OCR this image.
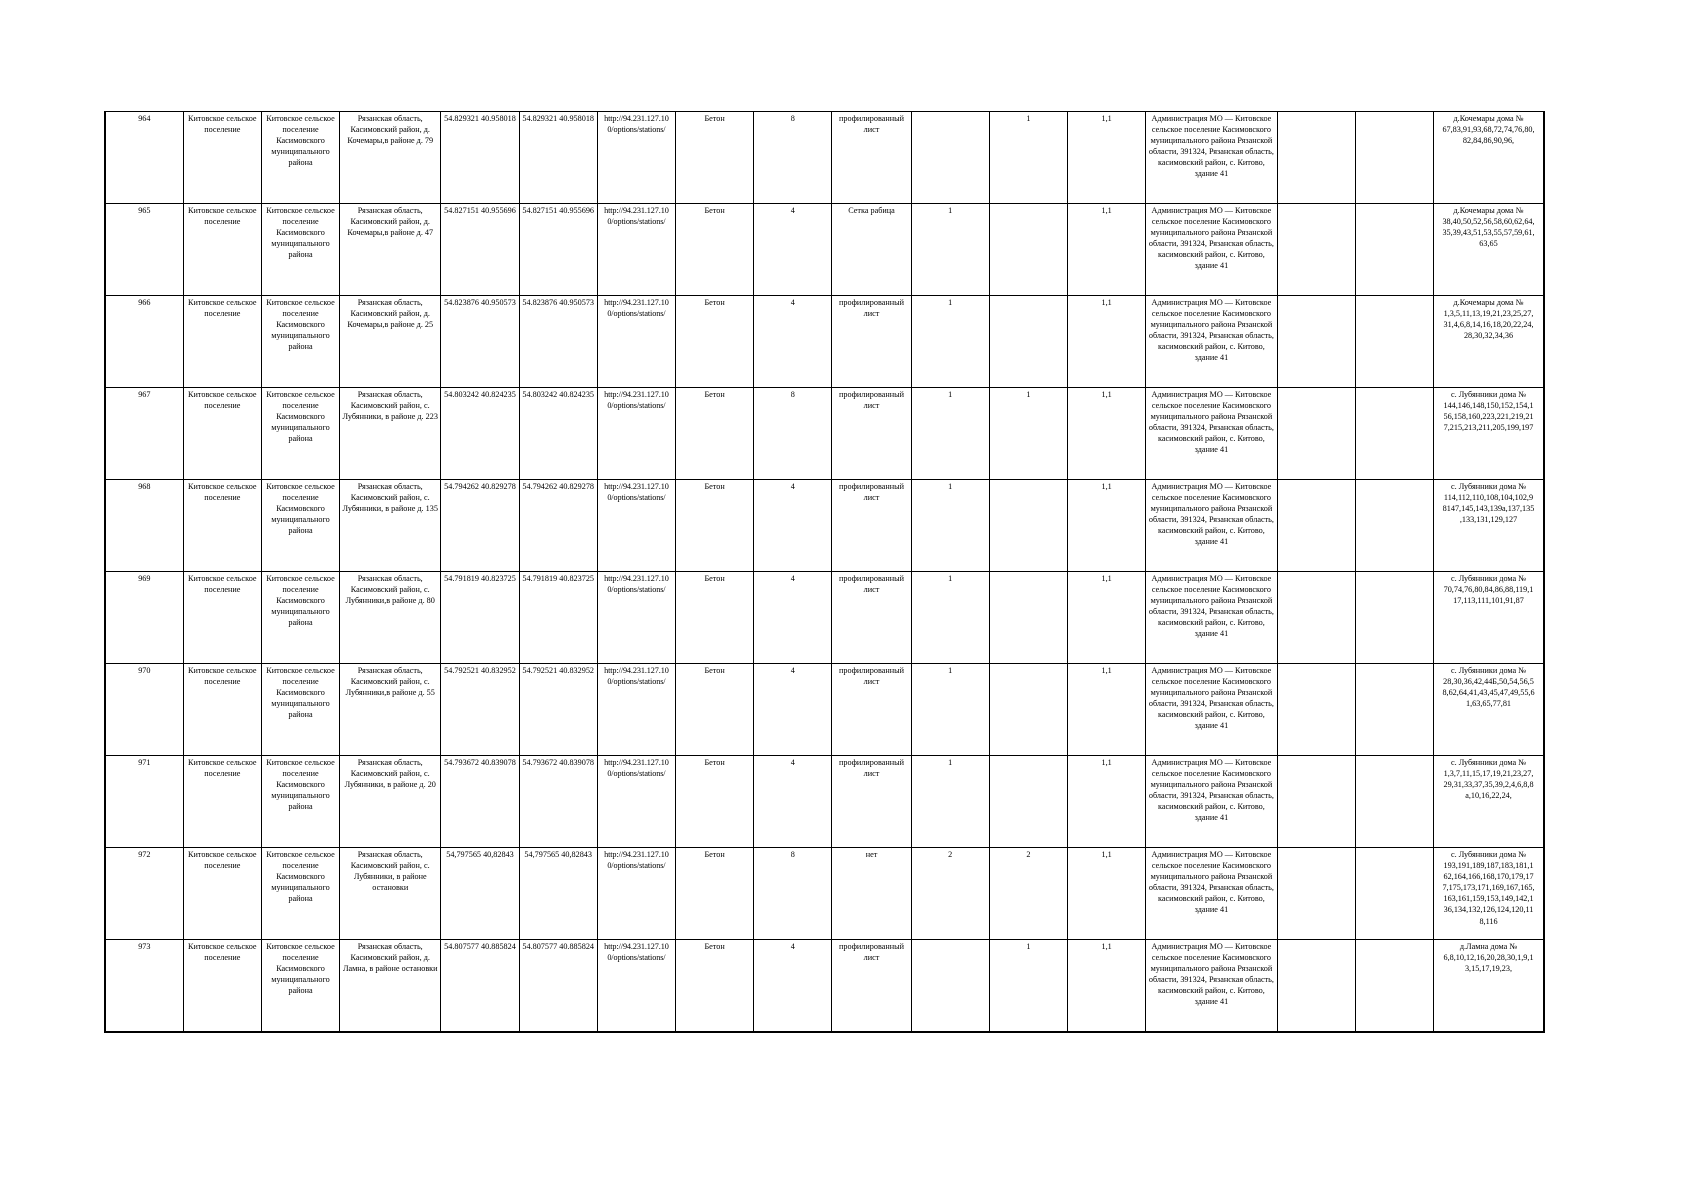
964	Китовское сельское поселение	Китовское сельское поселение Касимовского муниципального района	Рязанская область, Касимовский район, д. Кочемары,в районе д. 79	54.829321 40.958018	54.829321 40.958018	http://94.231.127.10 0/options/stations/	Бетон	8	профилированный лист		1	1,1	Администрация МО — Китовское сельское поселение Касимовского муниципального района Рязанской области, 391324, Рязанская область, касимовский район, с. Китово, здание 41			д.Кочемары дома № 67,83,91,93,68,72,74,76,80, 82,84,86,90,96,
965	Китовское сельское поселение	Китовское сельское поселение Касимовского муниципального района	Рязанская область, Касимовский район, д. Кочемары,в районе д. 47	54.827151 40.955696	54.827151 40.955696	http://94.231.127.10 0/options/stations/	Бетон	4	Сетка рабица	1		1,1	Администрация МО — Китовское сельское поселение Касимовского муниципального района Рязанской области, 391324, Рязанская область, касимовский район, с. Китово, здание 41			д.Кочемары дома № 38,40,50,52,56,58,60,62,64, 35,39,43,51,53,55,57,59,61, 63,65
966	Китовское сельское поселение	Китовское сельское поселение Касимовского муниципального района	Рязанская область, Касимовский район, д. Кочемары,в районе д. 25	54.823876 40.950573	54.823876 40.950573	http://94.231.127.10 0/options/stations/	Бетон	4	профилированный лист	1		1,1	Администрация МО — Китовское сельское поселение Касимовского муниципального района Рязанской области, 391324, Рязанская область, касимовский район, с. Китово, здание 41			д.Кочемары дома № 1,3,5,11,13,19,21,23,25,27, 31,4,6,8,14,16,18,20,22,24, 28,30,32,34,36
967	Китовское сельское поселение	Китовское сельское поселение Касимовского муниципального района	Рязанская область, Касимовский район, с. Лубянники, в районе д. 223	54.803242 40.824235	54.803242 40.824235	http://94.231.127.10 0/options/stations/	Бетон	8	профилированный лист	1	1	1,1	Администрация МО — Китовское сельское поселение Касимовского муниципального района Рязанской области, 391324, Рязанская область, касимовский район, с. Китово, здание 41			с. Лубянники дома № 144,146,148,150,152,154,1 56,158,160,223,221,219,21 7,215,213,211,205,199,197
968	Китовское сельское поселение	Китовское сельское поселение Касимовского муниципального района	Рязанская область, Касимовский район, с. Лубянники, в районе д. 135	54.794262 40.829278	54.794262 40.829278	http://94.231.127.10 0/options/stations/	Бетон	4	профилированный лист	1		1,1	Администрация МО — Китовское сельское поселение Касимовского муниципального района Рязанской области, 391324, Рязанская область, касимовский район, с. Китово, здание 41			с. Лубянники дома № 114,112,110,108,104,102,9 8147,145,143,139а,137,135 ,133,131,129,127
969	Китовское сельское поселение	Китовское сельское поселение Касимовского муниципального района	Рязанская область, Касимовский район, с. Лубянники,в районе д. 80	54.791819 40.823725	54.791819 40.823725	http://94.231.127.10 0/options/stations/	Бетон	4	профилированный лист	1		1,1	Администрация МО — Китовское сельское поселение Касимовского муниципального района Рязанской области, 391324, Рязанская область, касимовский район, с. Китово, здание 41			с. Лубянники дома № 70,74,76,80,84,86,88,119,1 17,113,111,101,91,87
970	Китовское сельское поселение	Китовское сельское поселение Касимовского муниципального района	Рязанская область, Касимовский район, с. Лубянники,в районе д. 55	54.792521 40.832952	54.792521 40.832952	http://94.231.127.10 0/options/stations/	Бетон	4	профилированный лист	1		1,1	Администрация МО — Китовское сельское поселение Касимовского муниципального района Рязанской области, 391324, Рязанская область, касимовский район, с. Китово, здание 41			с. Лубянники дома № 28,30,36,42,44Б,50,54,56,5 8,62,64,41,43,45,47,49,55,6 1,63,65,77,81
971	Китовское сельское поселение	Китовское сельское поселение Касимовского муниципального района	Рязанская область, Касимовский район, с. Лубянники, в районе д. 20	54.793672 40.839078	54.793672 40.839078	http://94.231.127.10 0/options/stations/	Бетон	4	профилированный лист	1		1,1	Администрация МО — Китовское сельское поселение Касимовского муниципального района Рязанской области, 391324, Рязанская область, касимовский район, с. Китово, здание 41			с. Лубянники дома № 1,3,7,11,15,17,19,21,23,27, 29,31,33,37,35,39,2,4,6,8,8 а,10,16,22,24,
972	Китовское сельское поселение	Китовское сельское поселение Касимовского муниципального района	Рязанская область, Касимовский район, с. Лубянники, в районе остановки	54,797565 40,82843	54,797565 40,82843	http://94.231.127.10 0/options/stations/	Бетон	8	нет	2	2	1,1	Администрация МО — Китовское сельское поселение Касимовского муниципального района Рязанской области, 391324, Рязанская область, касимовский район, с. Китово, здание 41			с. Лубянники дома № 193,191,189,187,183,181,1 62,164,166,168,170,179,17 7,175,173,171,169,167,165, 163,161,159,153,149,142,1 36,134,132,126,124,120,11 8,116
973	Китовское сельское поселение	Китовское сельское поселение Касимовского муниципального района	Рязанская область, Касимовский район, д. Ламна, в районе остановки	54.807577 40.885824	54.807577 40.885824	http://94.231.127.10 0/options/stations/	Бетон	4	профилированный лист		1	1,1	Администрация МО — Китовское сельское поселение Касимовского муниципального района Рязанской области, 391324, Рязанская область, касимовский район, с. Китово, здание 41			д.Ламна дома № 6,8,10,12,16,20,28,30,1,9,1 3,15,17,19,23,
